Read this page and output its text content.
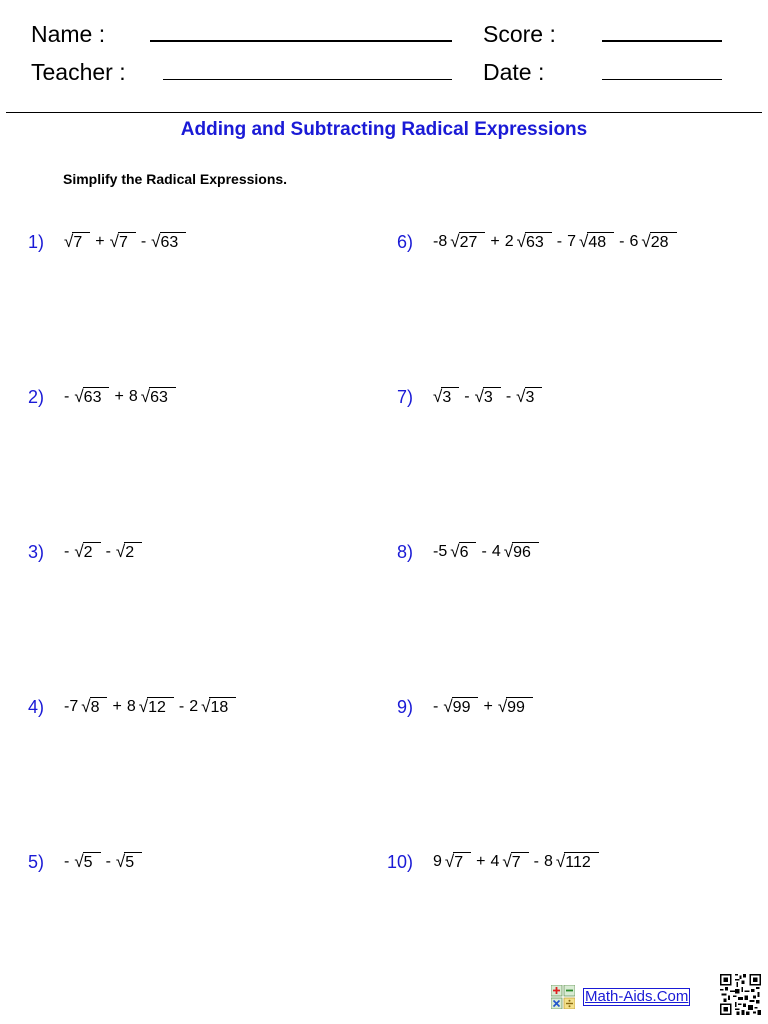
Name :
Teacher :
Score :
Date :
Adding and Subtracting Radical Expressions
Simplify the Radical Expressions.
1) √ 7 + √ 7 - √ 63
2) - √ 63 + 8 √ 63
3) - √ 2 - √ 2
4) -7 √ 8 + 8 √ 12 - 2 √ 18
5) - √ 5 - √ 5
6) -8 √ 27 + 2 √ 63 - 7 √ 48 - 6 √ 28
7) √ 3 - √ 3 - √ 3
8) -5 √ 6 - 4 √ 96
9) - √ 99 + √ 99
10) 9 √ 7 + 4 √ 7 - 8 √ 112
Math-Aids.Com
